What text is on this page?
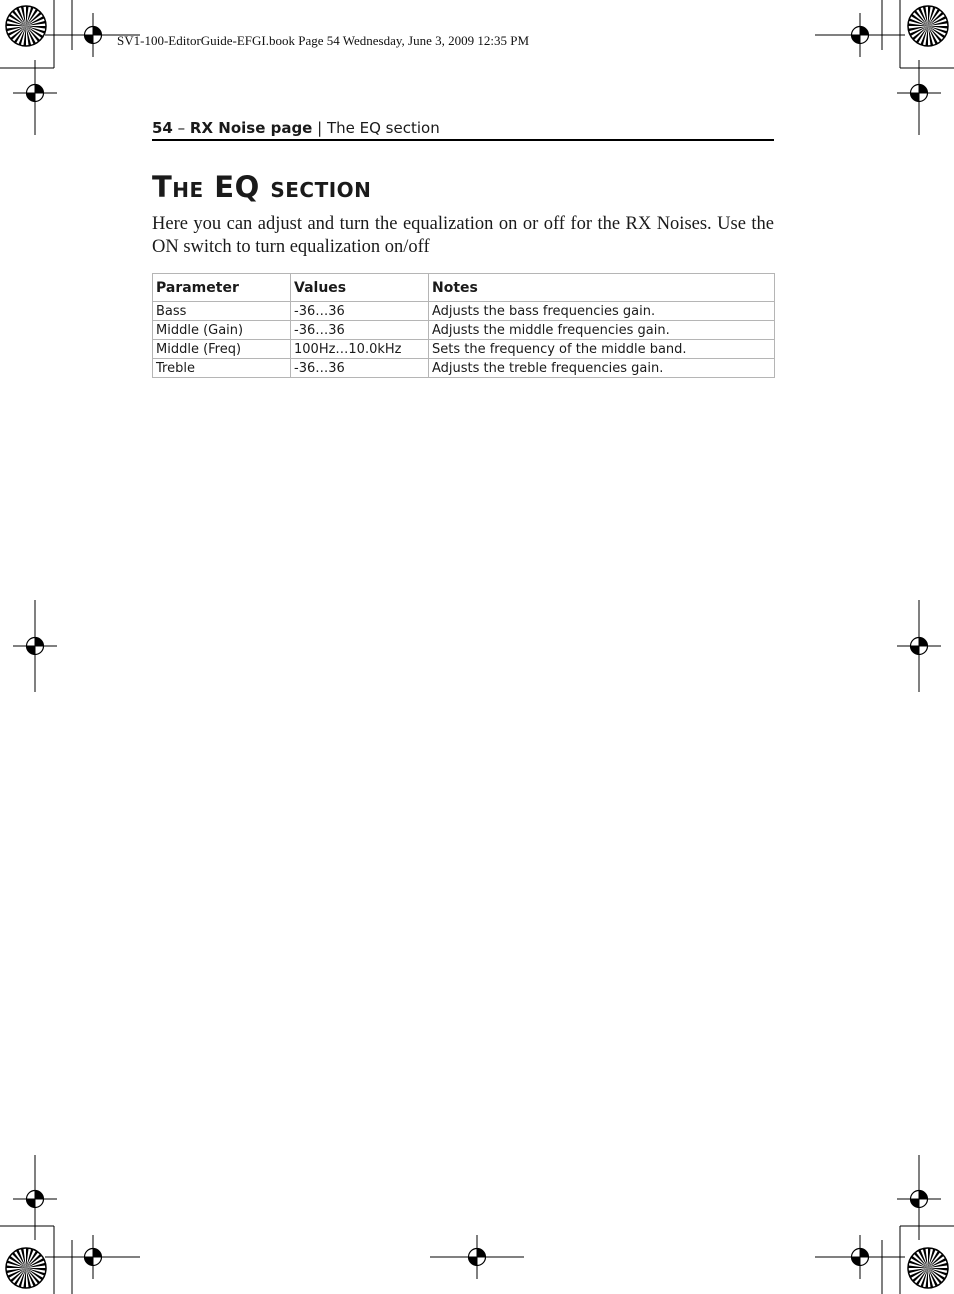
SV1-100-EditorGuide-EFGI.book Page 54 Wednesday, June 3, 2009 12:35 PM
54 – RX Noise page | The EQ section
The EQ section

Here you can adjust and turn the equalization on or off for the RX Noises. Use the ON switch to turn equalization on/off

Parameter	Values	Notes
Bass	-36…36	Adjusts the bass frequencies gain.
Middle (Gain)	-36…36	Adjusts the middle frequencies gain.
Middle (Freq)	100Hz…10.0kHz	Sets the frequency of the middle band.
Treble	-36…36	Adjusts the treble frequencies gain.
